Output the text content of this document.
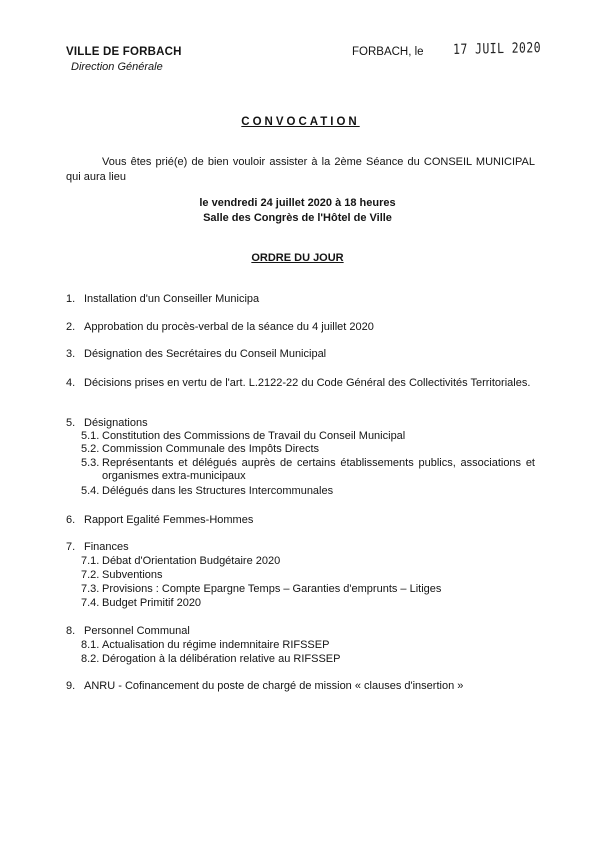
VILLE DE FORBACH
Direction Générale
FORBACH, le 17 JUIL 2020
CONVOCATION
Vous êtes prié(e) de bien vouloir assister à la 2ème Séance du CONSEIL MUNICIPAL qui aura lieu
le vendredi 24 juillet 2020 à 18 heures
Salle des Congrès de l'Hôtel de Ville
ORDRE DU JOUR
1. Installation d'un Conseiller Municipa
2. Approbation du procès-verbal de la séance du 4 juillet 2020
3. Désignation des Secrétaires du Conseil Municipal
4. Décisions prises en vertu de l'art. L.2122-22 du Code Général des Collectivités Territoriales.
5. Désignations
5.1. Constitution des Commissions de Travail du Conseil Municipal
5.2. Commission Communale des Impôts Directs
5.3. Représentants et délégués auprès de certains établissements publics, associations et organismes extra-municipaux
5.4. Délégués dans les Structures Intercommunales
6. Rapport Egalité Femmes-Hommes
7. Finances
7.1. Débat d'Orientation Budgétaire 2020
7.2. Subventions
7.3. Provisions : Compte Epargne Temps – Garanties d'emprunts – Litiges
7.4. Budget Primitif 2020
8. Personnel Communal
8.1. Actualisation du régime indemnitaire RIFSSEP
8.2. Dérogation à la délibération relative au RIFSSEP
9. ANRU - Cofinancement du poste de chargé de mission « clauses d'insertion »
